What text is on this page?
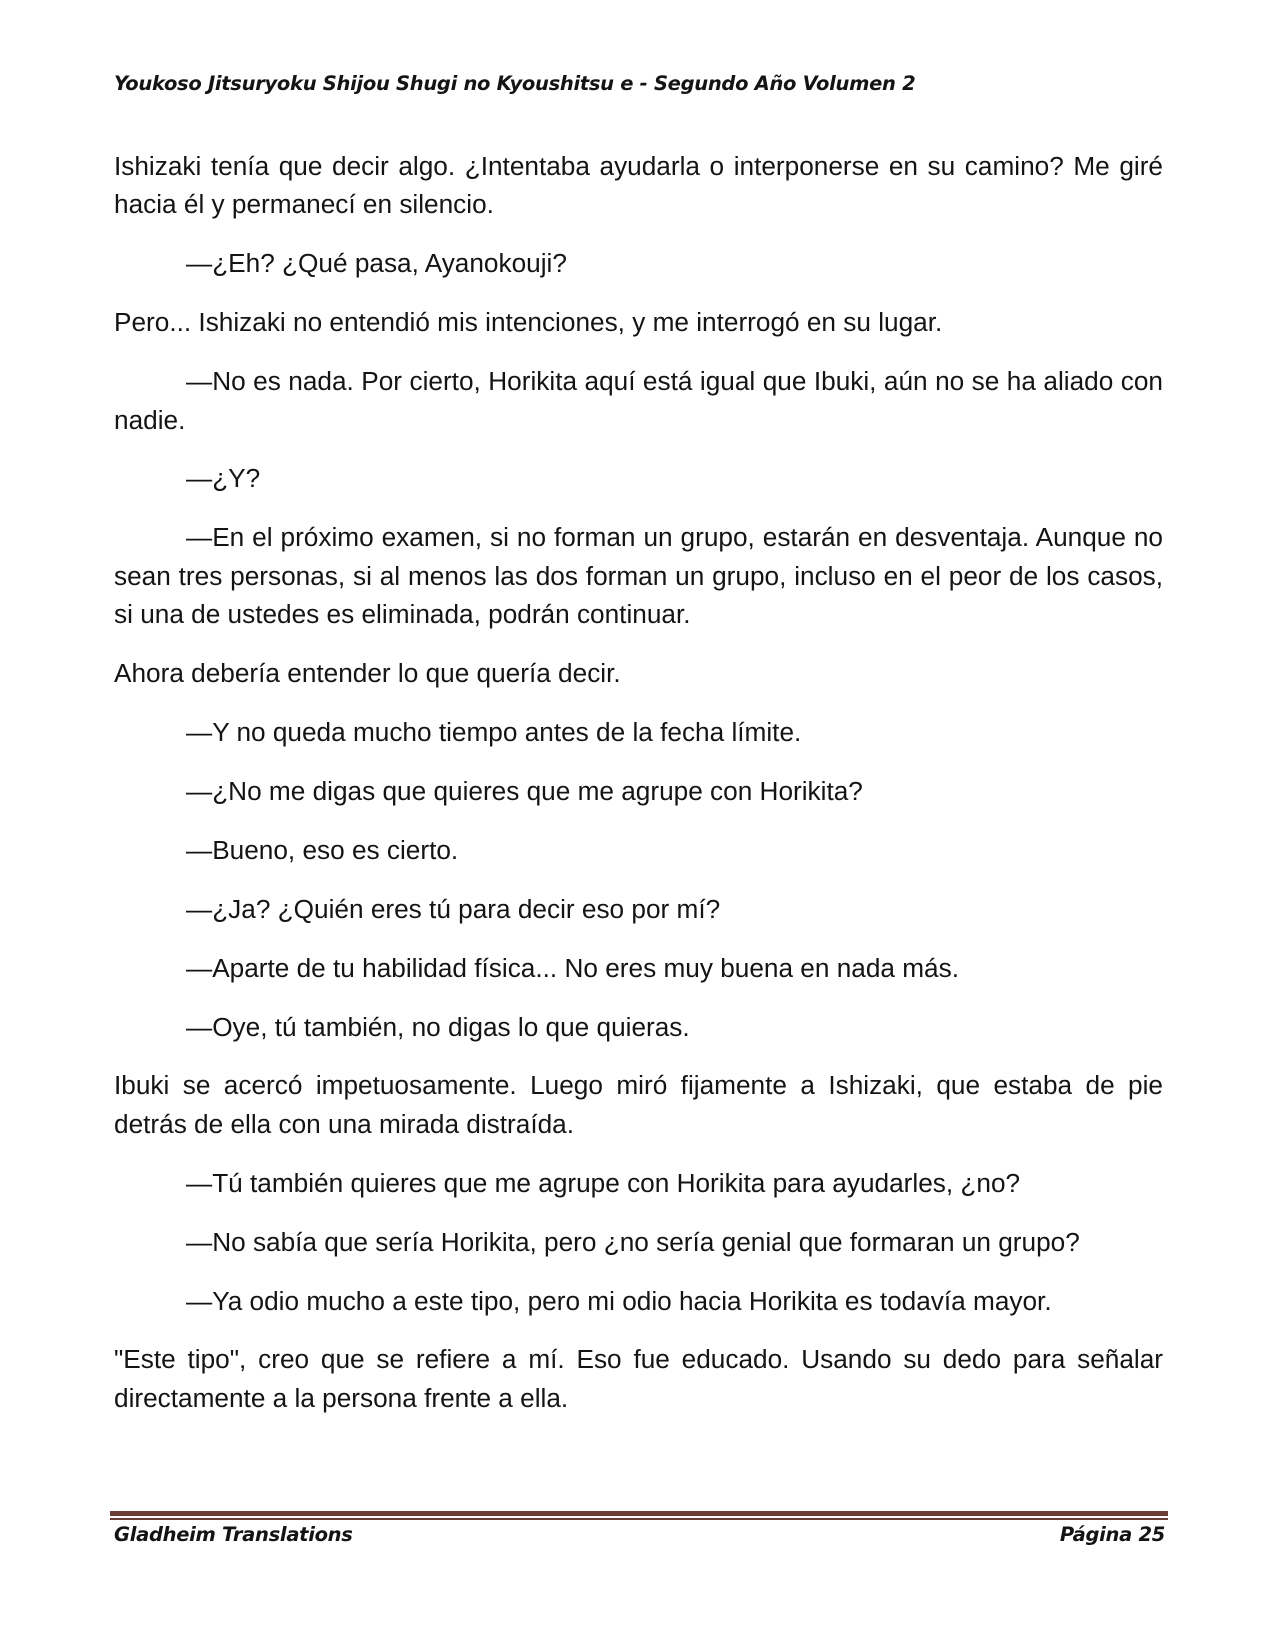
Youkoso Jitsuryoku Shijou Shugi no Kyoushitsu e - Segundo Año Volumen 2

Ishizaki tenía que decir algo. ¿Intentaba ayudarla o interponerse en su camino? Me giré hacia él y permanecí en silencio.

—¿Eh? ¿Qué pasa, Ayanokouji?

Pero... Ishizaki no entendió mis intenciones, y me interrogó en su lugar.

—No es nada. Por cierto, Horikita aquí está igual que Ibuki, aún no se ha aliado con nadie.

—¿Y?

—En el próximo examen, si no forman un grupo, estarán en desventaja. Aunque no sean tres personas, si al menos las dos forman un grupo, incluso en el peor de los casos, si una de ustedes es eliminada, podrán continuar.

Ahora debería entender lo que quería decir.

—Y no queda mucho tiempo antes de la fecha límite.

—¿No me digas que quieres que me agrupe con Horikita?

—Bueno, eso es cierto.

—¿Ja? ¿Quién eres tú para decir eso por mí?

—Aparte de tu habilidad física... No eres muy buena en nada más.

—Oye, tú también, no digas lo que quieras.

Ibuki se acercó impetuosamente. Luego miró fijamente a Ishizaki, que estaba de pie detrás de ella con una mirada distraída.

—Tú también quieres que me agrupe con Horikita para ayudarles, ¿no?

—No sabía que sería Horikita, pero ¿no sería genial que formaran un grupo?

—Ya odio mucho a este tipo, pero mi odio hacia Horikita es todavía mayor.

"Este tipo", creo que se refiere a mí. Eso fue educado. Usando su dedo para señalar directamente a la persona frente a ella.

Gladheim Translations	Página 25
